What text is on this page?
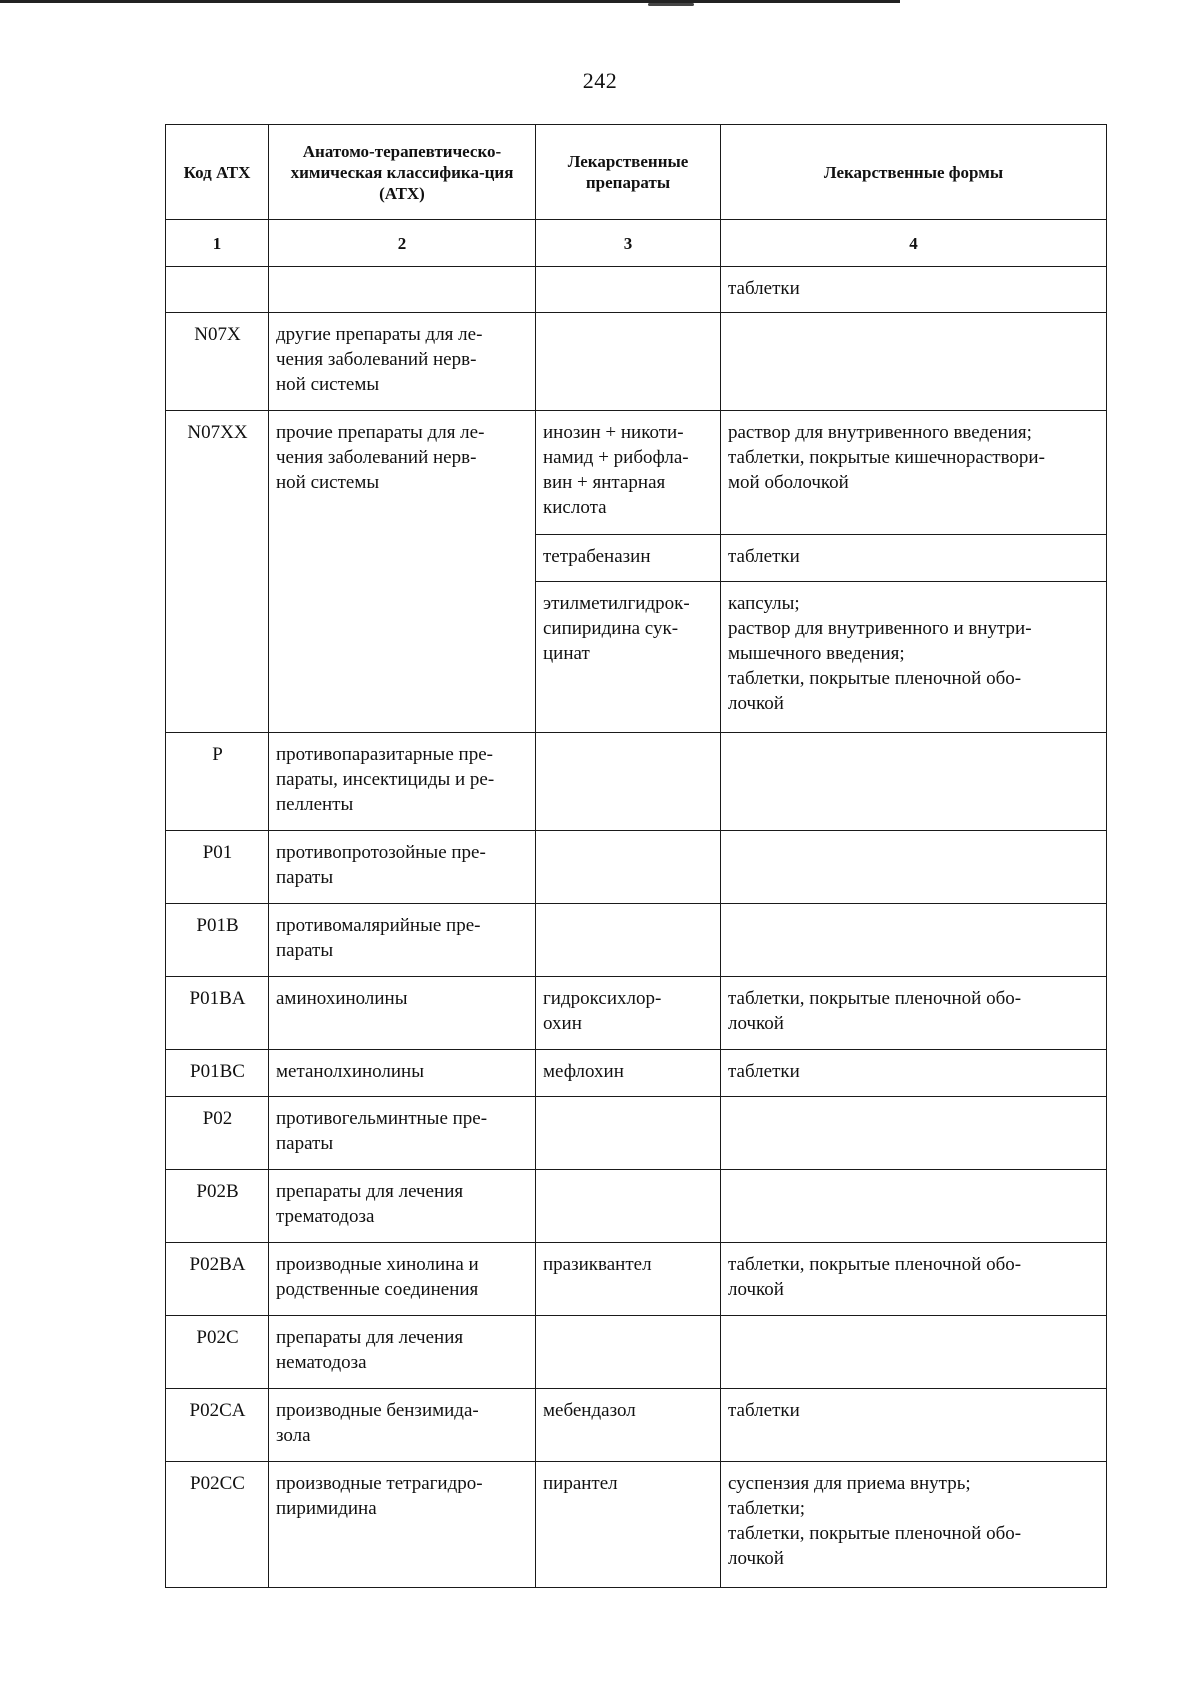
242
Код АТХ	Анатомо-терапевтическо-химическая классифика-ция (АТХ)	Лекарственные препараты	Лекарственные формы
1	2	3	4

			таблетки

N07X	другие препараты для ле-
чения заболеваний нерв-
ной системы		

N07XX	прочие препараты для ле-
чения заболеваний нерв-
ной системы	инозин + никоти-
намид + рибофла-
вин + янтарная
кислота	раствор для внутривенного введения;
таблетки, покрытые кишечнораствори-
мой оболочкой

		тетрабеназин	таблетки

		этилметилгидрок-
сипиридина сук-
цинат	капсулы;
раствор для внутривенного и внутри-
мышечного введения;
таблетки, покрытые пленочной обо-
лочкой

P	противопаразитарные пре-
параты, инсектициды и ре-
пелленты		

P01	противопротозойные пре-
параты		

P01B	противомалярийные пре-
параты		

P01BA	аминохинолины	гидроксихлор-
охин	таблетки, покрытые пленочной обо-
лочкой

P01BC	метанолхинолины	мефлохин	таблетки

P02	противогельминтные пре-
параты		

P02B	препараты для лечения
трематодоза		

P02BA	производные хинолина и
родственные соединения	празиквантел	таблетки, покрытые пленочной обо-
лочкой

P02C	препараты для лечения
нематодоза		

P02CA	производные бензимида-
зола	мебендазол	таблетки

P02CC	производные тетрагидро-
пиримидина	пирантел	суспензия для приема внутрь;
таблетки;
таблетки, покрытые пленочной обо-
лочкой
